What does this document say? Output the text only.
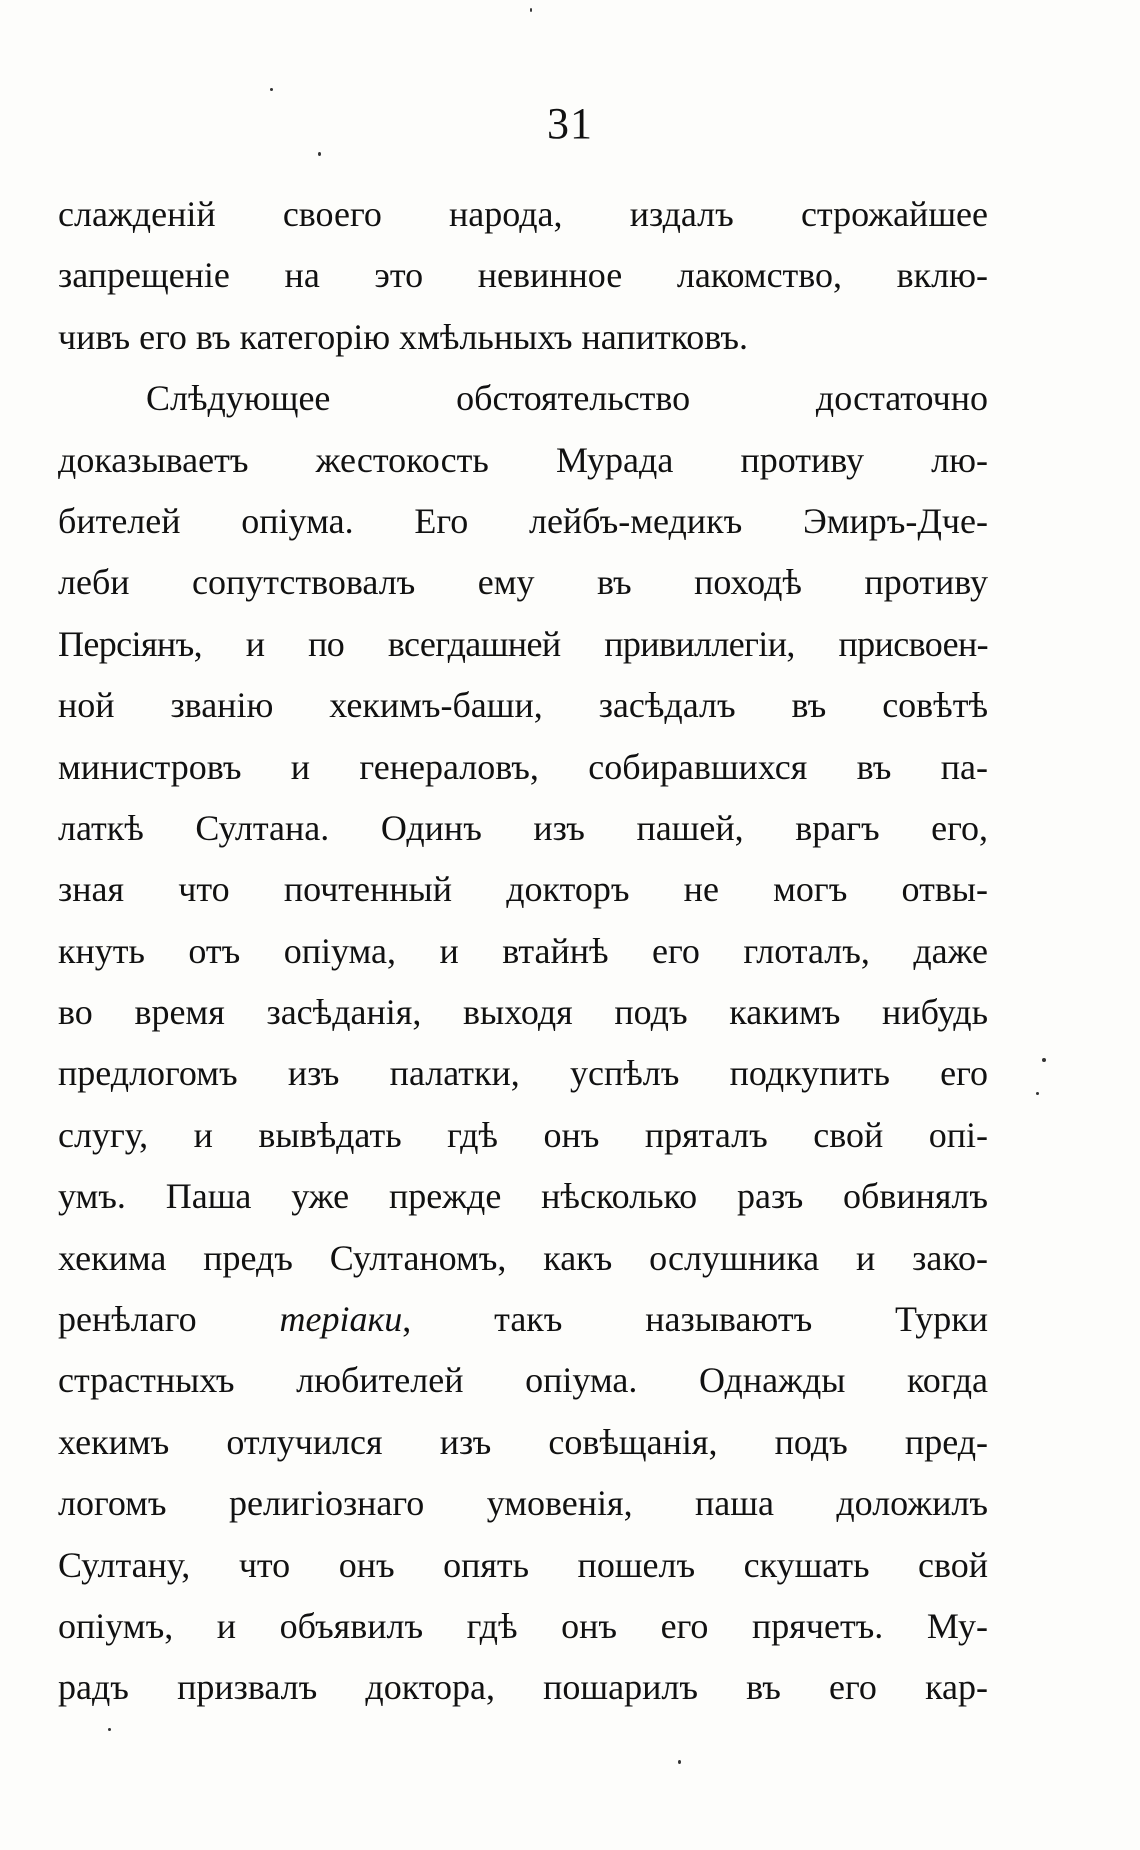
31
слажденій своего народа, издалъ строжайшее
запрещеніе на это невинное лакомство, вклю-
чивъ его въ категорію хмѣльныхъ напитковъ.
Слѣдующее обстоятельство достаточно
доказываетъ жестокость Мурада противу лю-
бителей опіума. Его лейбъ-медикъ Эмиръ-Дче-
леби сопутствовалъ ему въ походѣ противу
Персіянъ, и по всегдашней привиллегіи, присвоен-
ной званію хекимъ-баши, засѣдалъ въ совѣтѣ
министровъ и генераловъ, собиравшихся въ па-
латкѣ Султана. Одинъ изъ пашей, врагъ его,
зная что почтенный докторъ не могъ отвы-
кнуть отъ опіума, и втайнѣ его глоталъ, даже
во время засѣданія, выходя подъ какимъ нибудь
предлогомъ изъ палатки, успѣлъ подкупить его
слугу, и вывѣдать гдѣ онъ пряталъ свой опі-
умъ. Паша уже прежде нѣсколько разъ обвинялъ
хекима предъ Султаномъ, какъ ослушника и зако-
ренѣлаго теріаки, такъ называютъ Турки
страстныхъ любителей опіума. Однажды когда
хекимъ отлучился изъ совѣщанія, подъ пред-
логомъ религіознаго умовенія, паша доложилъ
Султану, что онъ опять пошелъ скушать свой
опіумъ, и объявилъ гдѣ онъ его прячетъ. Му-
радъ призвалъ доктора, пошарилъ въ его кар-
